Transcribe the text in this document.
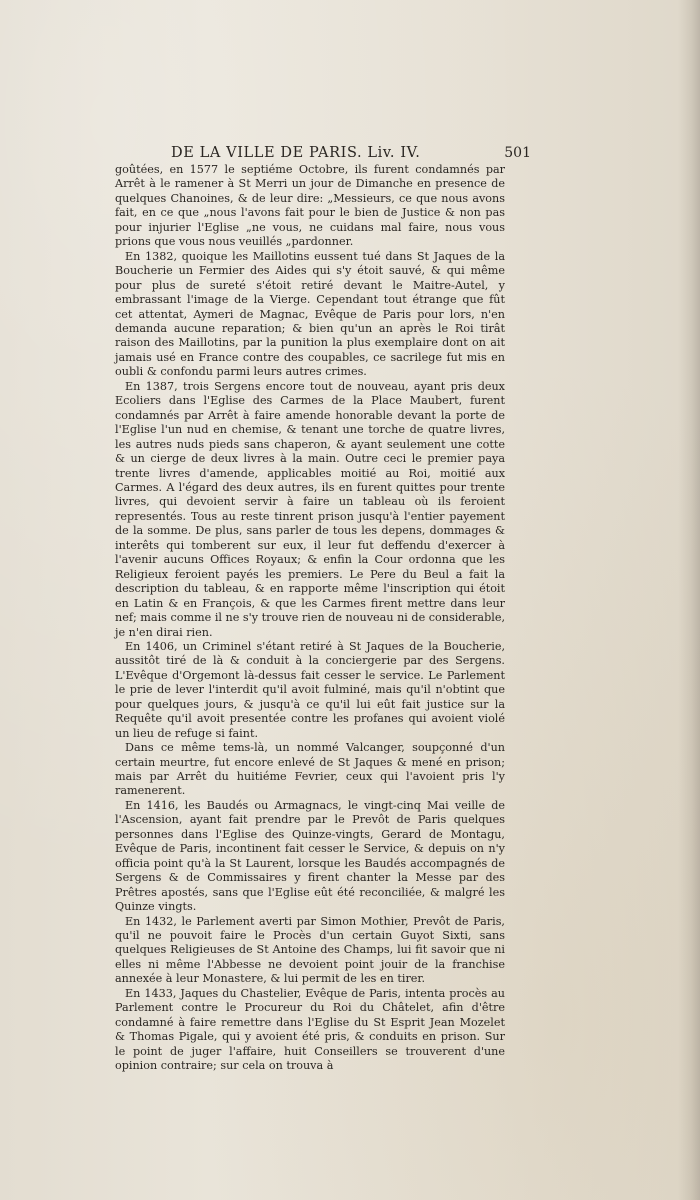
DE LA VILLE DE PARIS. Liv. IV.	501

goûtées, en 1577 le septiéme Octobre, ils furent condamnés par Arrêt à le ramener à St Merri un jour de Dimanche en presence de quelques Chanoines, & de leur dire: „Messieurs, ce que nous avons fait, en ce que „nous l'avons fait pour le bien de Justice & non pas pour injurier l'Eglise „ne vous, ne cuidans mal faire, nous vous prions que vous nous veuillés „pardonner.

En 1382, quoique les Maillotins eussent tué dans St Jaques de la Boucherie un Fermier des Aides qui s'y étoit sauvé, & qui même pour plus de sureté s'étoit retiré devant le Maitre-Autel, y embrassant l'image de la Vierge. Cependant tout étrange que fût cet attentat, Aymeri de Magnac, Evêque de Paris pour lors, n'en demanda aucune reparation; & bien qu'un an après le Roi tirât raison des Maillotins, par la punition la plus exemplaire dont on ait jamais usé en France contre des coupables, ce sacrilege fut mis en oubli & confondu parmi leurs autres crimes.

En 1387, trois Sergens encore tout de nouveau, ayant pris deux Ecoliers dans l'Eglise des Carmes de la Place Maubert, furent condamnés par Arrêt à faire amende honorable devant la porte de l'Eglise l'un nud en chemise, & tenant une torche de quatre livres, les autres nuds pieds sans chaperon, & ayant seulement une cotte & un cierge de deux livres à la main. Outre ceci le premier paya trente livres d'amende, applicables moitié au Roi, moitié aux Carmes. A l'égard des deux autres, ils en furent quittes pour trente livres, qui devoient servir à faire un tableau où ils feroient representés. Tous au reste tinrent prison jusqu'à l'entier payement de la somme. De plus, sans parler de tous les depens, dommages & interêts qui tomberent sur eux, il leur fut deffendu d'exercer à l'avenir aucuns Offices Royaux; & enfin la Cour ordonna que les Religieux feroient payés les premiers. Le Pere du Beul a fait la description du tableau, & en rapporte même l'inscription qui étoit en Latin & en François, & que les Carmes firent mettre dans leur nef; mais comme il ne s'y trouve rien de nouveau ni de considerable, je n'en dirai rien.

En 1406, un Criminel s'étant retiré à St Jaques de la Boucherie, aussitôt tiré de là & conduit à la conciergerie par des Sergens. L'Evêque d'Orgemont là-dessus fait cesser le service. Le Parlement le prie de lever l'interdit qu'il avoit fulminé, mais qu'il n'obtint que pour quelques jours, & jusqu'à ce qu'il lui eût fait justice sur la Requête qu'il avoit presentée contre les profanes qui avoient violé un lieu de refuge si faint.

Dans ce même tems-là, un nommé Valcanger, soupçonné d'un certain meurtre, fut encore enlevé de St Jaques & mené en prison; mais par Arrêt du huitiéme Fevrier, ceux qui l'avoient pris l'y ramenerent.

En 1416, les Baudés ou Armagnacs, le vingt-cinq Mai veille de l'Ascension, ayant fait prendre par le Prevôt de Paris quelques personnes dans l'Eglise des Quinze-vingts, Gerard de Montagu, Evêque de Paris, incontinent fait cesser le Service, & depuis on n'y officia point qu'à la St Laurent, lorsque les Baudés accompagnés de Sergens & de Commissaires y firent chanter la Messe par des Prêtres apostés, sans que l'Eglise eût été reconciliée, & malgré les Quinze vingts.

En 1432, le Parlement averti par Simon Mothier, Prevôt de Paris, qu'il ne pouvoit faire le Procès d'un certain Guyot Sixti, sans quelques Religieuses de St Antoine des Champs, lui fit savoir que ni elles ni même l'Abbesse ne devoient point jouir de la franchise annexée à leur Monastere, & lui permit de les en tirer.

En 1433, Jaques du Chastelier, Evêque de Paris, intenta procès au Parlement contre le Procureur du Roi du Châtelet, afin d'être condamné à faire remettre dans l'Eglise du St Esprit Jean Mozelet & Thomas Pigale, qui y avoient été pris, & conduits en prison. Sur le point de juger l'affaire, huit Conseillers se trouverent d'une opinion contraire; sur cela on trouva à
